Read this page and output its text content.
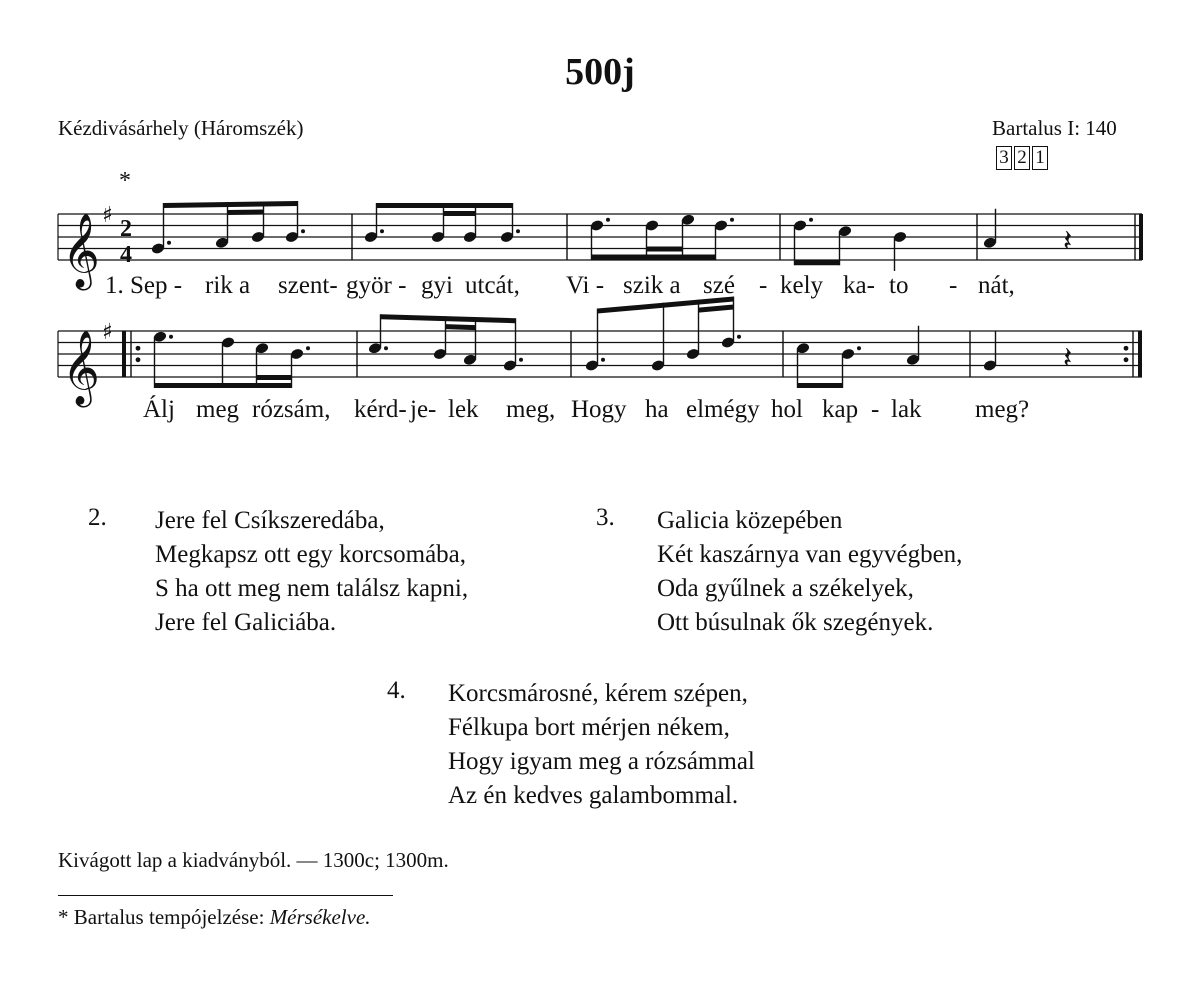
500j
Kézdivásárhely (Háromszék)	Bartalus I: 140
3 2 1
*
𝄞 ♯
2
4	𝄽
𝄞 ♯
𝄽
1. Sep - rik a szent- györ - gyi utcát, Vi - szik a szé - kely ka- to - nát,
Álj meg rózsám, kérd- je- lek meg, Hogy ha elmégy hol kap - lak meg?
2. Jere fel Csíkszeredába,
Megkapsz ott egy korcsomába,
S ha ott meg nem találsz kapni,
Jere fel Galiciába.
3. Galicia közepében
Két kaszárnya van egyvégben,
Oda gyűlnek a székelyek,
Ott búsulnak ők szegények.
4. Korcsmárosné, kérem szépen,
Félkupa bort mérjen nékem,
Hogy igyam meg a rózsámmal
Az én kedves galambommal.
Kivágott lap a kiadványból. — 1300c; 1300m.
* Bartalus tempójelzése: Mérsékelve.
